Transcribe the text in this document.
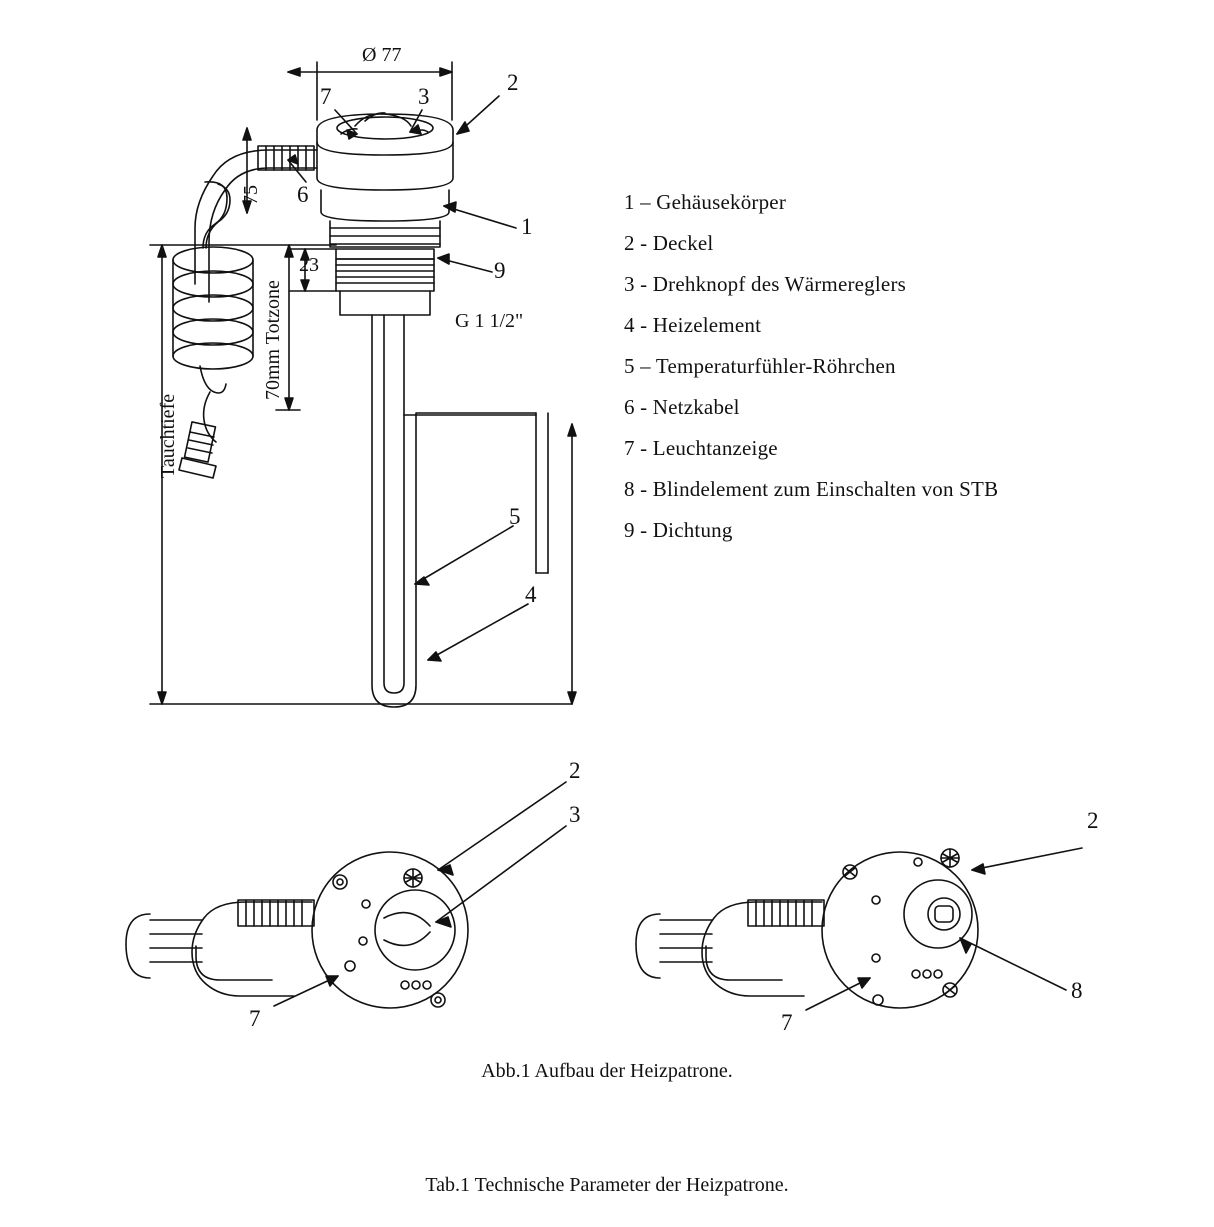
Ø 77
75
23
G 1 1/2"
70mm Totzone
Tauchtiefe
7	3
2
6
1
9
5
4
2
3
7
2
8
7
1 – Gehäusekörper
2 - Deckel
3 - Drehknopf des Wärmereglers
4 - Heizelement
5 – Temperaturfühler-Röhrchen
6 - Netzkabel
7 - Leuchtanzeige
8 - Blindelement zum Einschalten von STB
9 - Dichtung
Abb.1 Aufbau der Heizpatrone.
Tab.1 Technische Parameter der Heizpatrone.
